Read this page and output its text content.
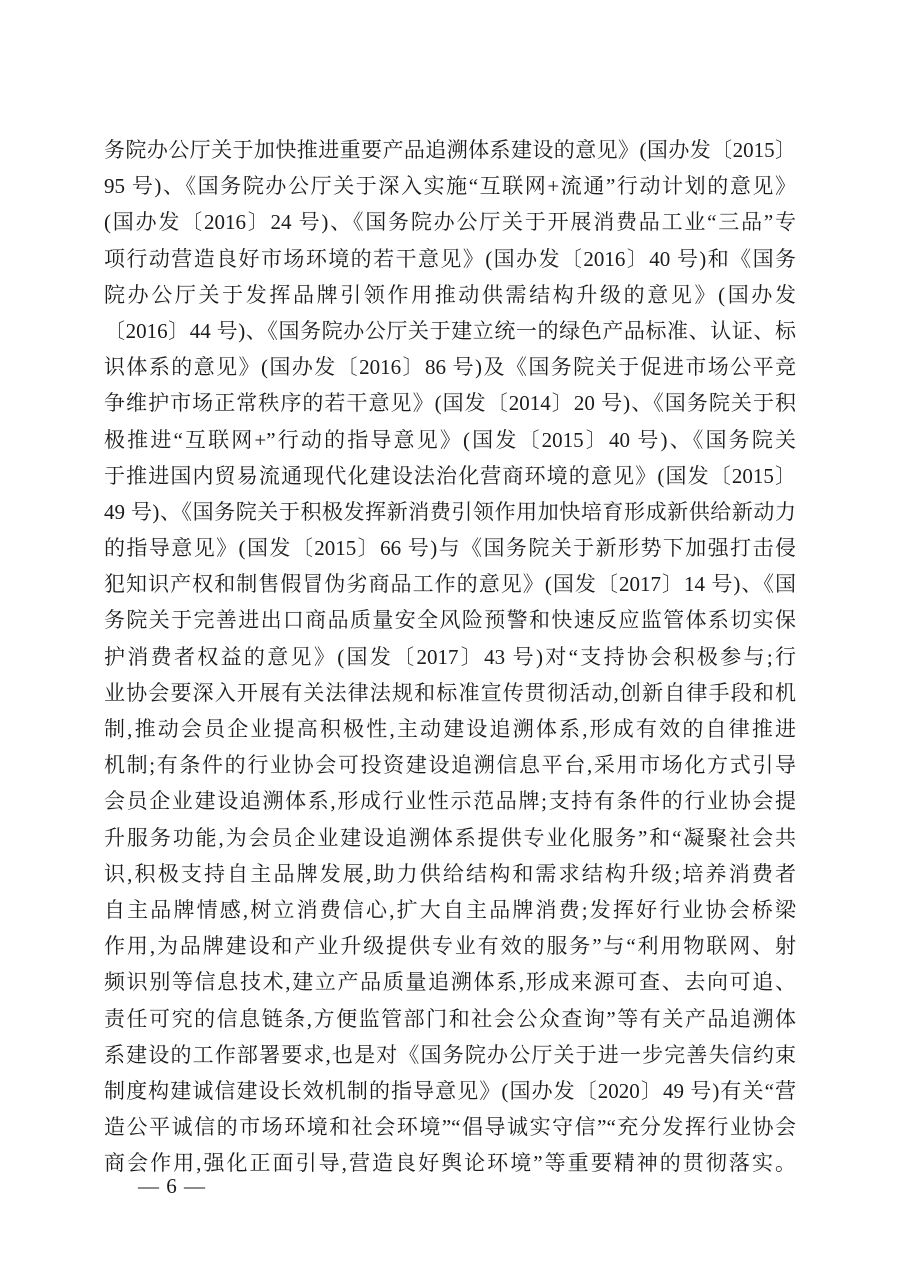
务院办公厅关于加快推进重要产品追溯体系建设的意见》(国办发〔2015〕
95 号)、《国务院办公厅关于深入实施“互联网+流通”行动计划的意见》
(国办发〔2016〕24 号)、《国务院办公厅关于开展消费品工业“三品”专
项行动营造良好市场环境的若干意见》(国办发〔2016〕40 号)和《国务
院办公厅关于发挥品牌引领作用推动供需结构升级的意见》(国办发
〔2016〕44 号)、《国务院办公厅关于建立统一的绿色产品标准、认证、标
识体系的意见》(国办发〔2016〕86 号)及《国务院关于促进市场公平竞
争维护市场正常秩序的若干意见》(国发〔2014〕20 号)、《国务院关于积
极推进“互联网+”行动的指导意见》(国发〔2015〕40 号)、《国务院关
于推进国内贸易流通现代化建设法治化营商环境的意见》(国发〔2015〕
49 号)、《国务院关于积极发挥新消费引领作用加快培育形成新供给新动力
的指导意见》(国发〔2015〕66 号)与《国务院关于新形势下加强打击侵
犯知识产权和制售假冒伪劣商品工作的意见》(国发〔2017〕14 号)、《国
务院关于完善进出口商品质量安全风险预警和快速反应监管体系切实保
护消费者权益的意见》(国发〔2017〕43 号)对“支持协会积极参与;行
业协会要深入开展有关法律法规和标准宣传贯彻活动,创新自律手段和机
制,推动会员企业提高积极性,主动建设追溯体系,形成有效的自律推进
机制;有条件的行业协会可投资建设追溯信息平台,采用市场化方式引导
会员企业建设追溯体系,形成行业性示范品牌;支持有条件的行业协会提
升服务功能,为会员企业建设追溯体系提供专业化服务”和“凝聚社会共
识,积极支持自主品牌发展,助力供给结构和需求结构升级;培养消费者
自主品牌情感,树立消费信心,扩大自主品牌消费;发挥好行业协会桥梁
作用,为品牌建设和产业升级提供专业有效的服务”与“利用物联网、射
频识别等信息技术,建立产品质量追溯体系,形成来源可查、去向可追、
责任可究的信息链条,方便监管部门和社会公众查询”等有关产品追溯体
系建设的工作部署要求,也是对《国务院办公厅关于进一步完善失信约束
制度构建诚信建设长效机制的指导意见》(国办发〔2020〕49 号)有关“营
造公平诚信的市场环境和社会环境”“倡导诚实守信”“充分发挥行业协会
商会作用,强化正面引导,营造良好舆论环境”等重要精神的贯彻落实。
— 6 —
